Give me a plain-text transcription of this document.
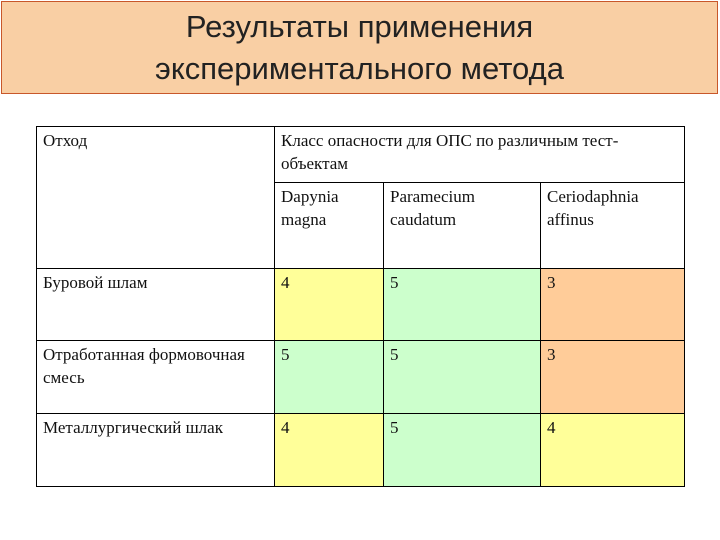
Результаты применения
экспериментального метода
Отход	Класс опасности для ОПС по различным тест-объектам		
	Dapynia magna	Paramecium caudatum	Ceriodaphnia affinus
Буровой шлам	4	5	3
Отработанная формовочная смесь	5	5	3
Металлургический шлак	4	5	4
